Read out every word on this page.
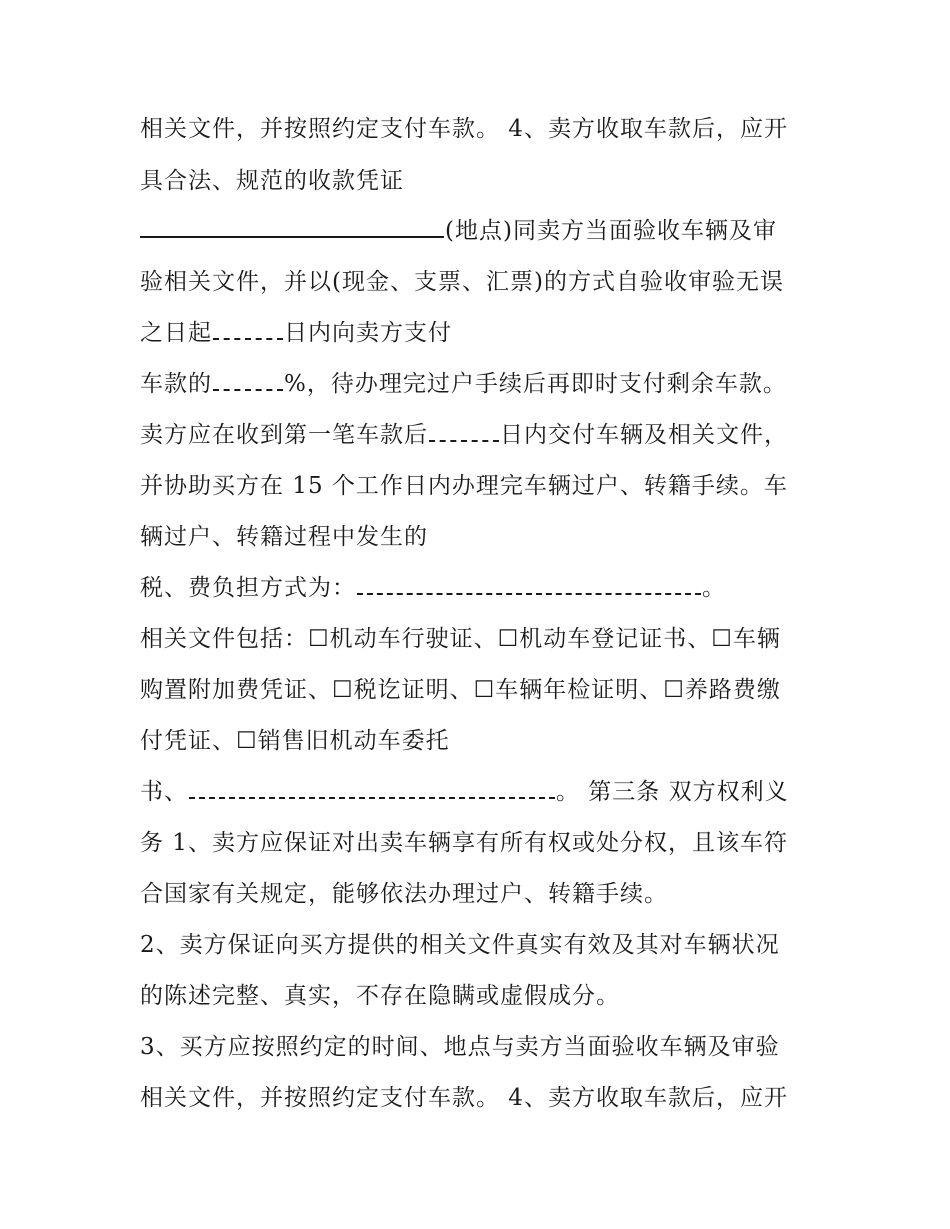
相关文件，并按照约定支付车款。 4、卖方收取车款后，应开
具合法、规范的收款凭证
(地点)同卖方当面验收车辆及审
验相关文件，并以(现金、支票、汇票)的方式自验收审验无误
之日起	日内向卖方支付
车款的	%，待办理完过户手续后再即时支付剩余车款。
卖方应在收到第一笔车款后	日内交付车辆及相关文件，
并协助买方在 15 个工作日内办理完车辆过户、转籍手续。车
辆过户、转籍过程中发生的
税、费负担方式为：	。
相关文件包括：☐机动车行驶证、☐机动车登记证书、☐车辆
购置附加费凭证、☐税讫证明、☐车辆年检证明、☐养路费缴
付凭证、☐销售旧机动车委托
书、	。 第三条 双方权利义
务 1、卖方应保证对出卖车辆享有所有权或处分权，且该车符
合国家有关规定，能够依法办理过户、转籍手续。
2、卖方保证向买方提供的相关文件真实有效及其对车辆状况
的陈述完整、真实，不存在隐瞒或虚假成分。
3、买方应按照约定的时间、地点与卖方当面验收车辆及审验
相关文件，并按照约定支付车款。 4、卖方收取车款后，应开
